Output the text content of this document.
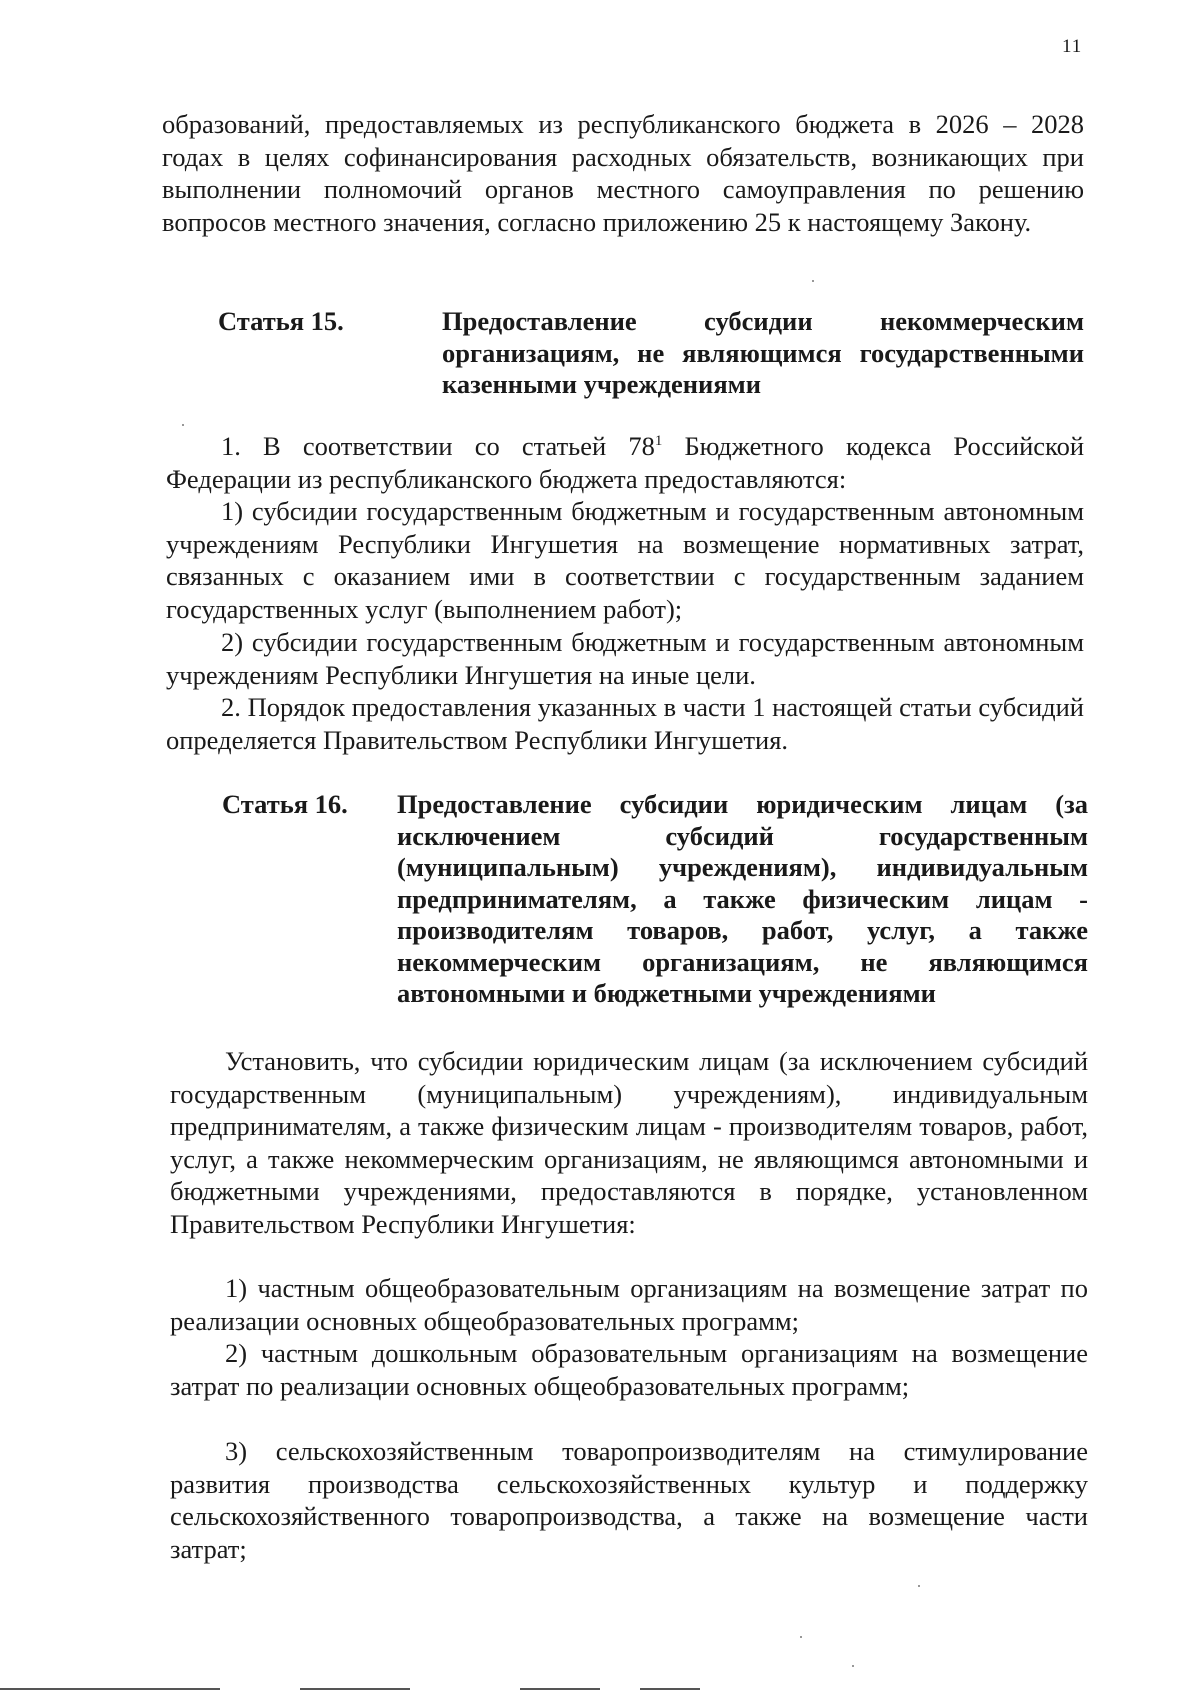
11

образований, предоставляемых из республиканского бюджета в 2026 – 2028 годах в целях софинансирования расходных обязательств, возникающих при выполнении полномочий органов местного самоуправления по решению вопросов местного значения, согласно приложению 25 к настоящему Закону.

Статья 15.	Предоставление субсидии некоммерческим организациям, не являющимся государственными казенными учреждениями

1. В соответствии со статьей $78^1$ Бюджетного кодекса Российской Федерации из республиканского бюджета предоставляются:

1) субсидии государственным бюджетным и государственным автономным учреждениям Республики Ингушетия на возмещение нормативных затрат, связанных с оказанием ими в соответствии с государственным заданием государственных услуг (выполнением работ);

2) субсидии государственным бюджетным и государственным автономным учреждениям Республики Ингушетия на иные цели.

2. Порядок предоставления указанных в части 1 настоящей статьи субсидий определяется Правительством Республики Ингушетия.

Статья 16. Предоставление субсидии юридическим лицам (за исключением субсидий государственным (муниципальным) учреждениям), индивидуальным предпринимателям, а также физическим лицам - производителям товаров, работ, услуг, а также некоммерческим организациям, не являющимся автономными и бюджетными учреждениями

Установить, что субсидии юридическим лицам (за исключением субсидий государственным (муниципальным) учреждениям), индивидуальным предпринимателям, а также физическим лицам - производителям товаров, работ, услуг, а также некоммерческим организациям, не являющимся автономными и бюджетными учреждениями, предоставляются в порядке, установленном Правительством Республики Ингушетия:

1) частным общеобразовательным организациям на возмещение затрат по реализации основных общеобразовательных программ;

2) частным дошкольным образовательным организациям на возмещение затрат по реализации основных общеобразовательных программ;

3) сельскохозяйственным товаропроизводителям на стимулирование развития производства сельскохозяйственных культур и поддержку сельскохозяйственного товаропроизводства, а также на возмещение части затрат;
